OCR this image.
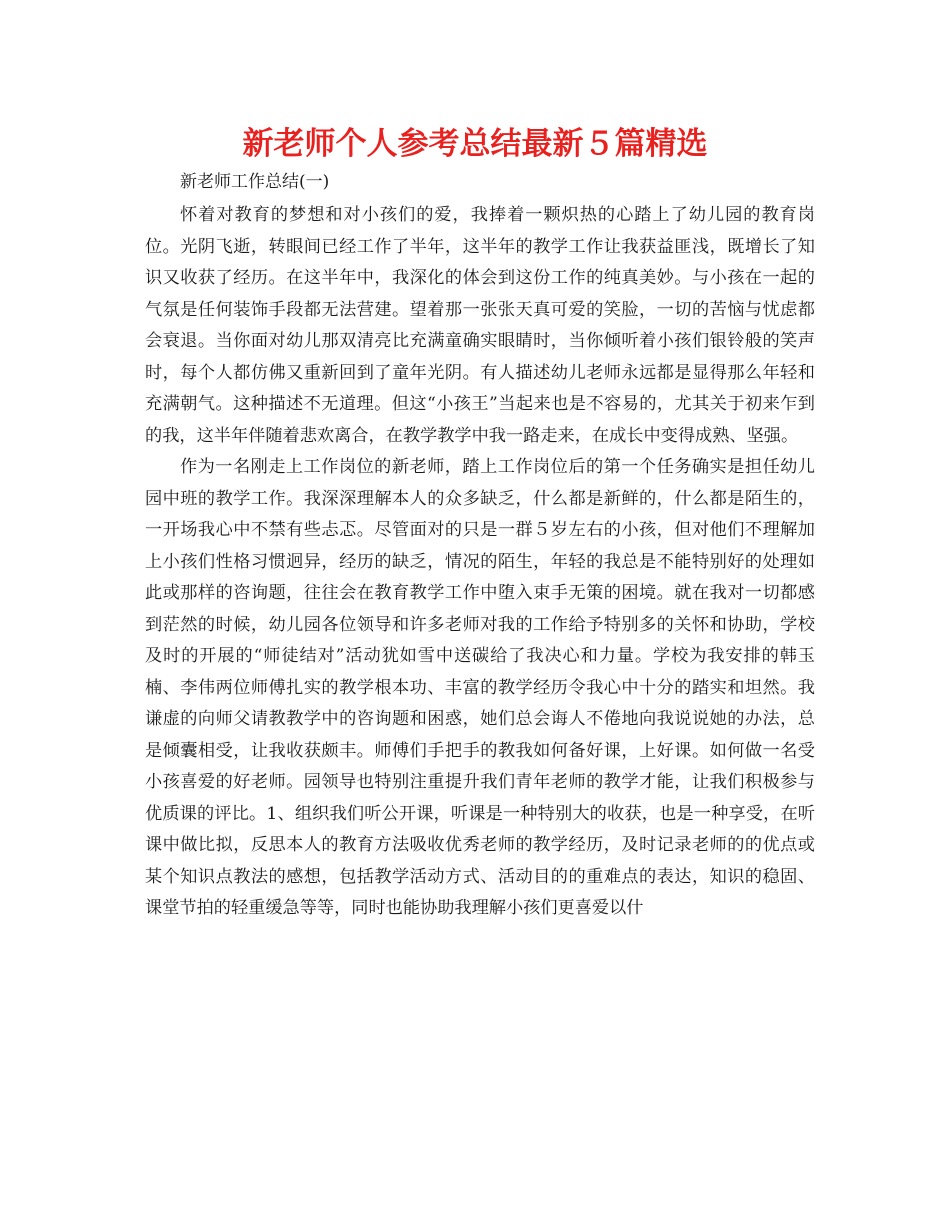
新老师个人参考总结最新５篇精选
新老师工作总结(一)

怀着对教育的梦想和对小孩们的爱，我捧着一颗炽热的心踏上了幼儿园的教育岗位。光阴飞逝，转眼间已经工作了半年，这半年的教学工作让我获益匪浅，既增长了知识又收获了经历。在这半年中，我深化的体会到这份工作的纯真美妙。与小孩在一起的气氛是任何装饰手段都无法营建。望着那一张张天真可爱的笑脸，一切的苦恼与忧虑都会衰退。当你面对幼儿那双清亮比充满童确实眼睛时，当你倾听着小孩们银铃般的笑声时，每个人都仿佛又重新回到了童年光阴。有人描述幼儿老师永远都是显得那么年轻和充满朝气。这种描述不无道理。但这“小孩王”当起来也是不容易的，尤其关于初来乍到的我，这半年伴随着悲欢离合，在教学教学中我一路走来，在成长中变得成熟、坚强。

作为一名刚走上工作岗位的新老师，踏上工作岗位后的第一个任务确实是担任幼儿园中班的教学工作。我深深理解本人的众多缺乏，什么都是新鲜的，什么都是陌生的，一开场我心中不禁有些忐忑。尽管面对的只是一群５岁左右的小孩，但对他们不理解加上小孩们性格习惯迥异，经历的缺乏，情况的陌生，年轻的我总是不能特别好的处理如此或那样的咨询题，往往会在教育教学工作中堕入束手无策的困境。就在我对一切都感到茫然的时候，幼儿园各位领导和许多老师对我的工作给予特别多的关怀和协助，学校及时的开展的“师徒结对”活动犹如雪中送碳给了我决心和力量。学校为我安排的韩玉楠、李伟两位师傅扎实的教学根本功、丰富的教学经历令我心中十分的踏实和坦然。我谦虚的向师父请教教学中的咨询题和困惑，她们总会诲人不倦地向我说说她的办法，总是倾囊相受，让我收获颇丰。师傅们手把手的教我如何备好课，上好课。如何做一名受小孩喜爱的好老师。园领导也特别注重提升我们青年老师的教学才能，让我们积极参与优质课的评比。1、组织我们听公开课，听课是一种特别大的收获，也是一种享受，在听课中做比拟，反思本人的教育方法吸收优秀老师的教学经历，及时记录老师的的优点或某个知识点教法的感想，包括教学活动方式、活动目的的重难点的表达，知识的稳固、课堂节拍的轻重缓急等等，同时也能协助我理解小孩们更喜爱以什
